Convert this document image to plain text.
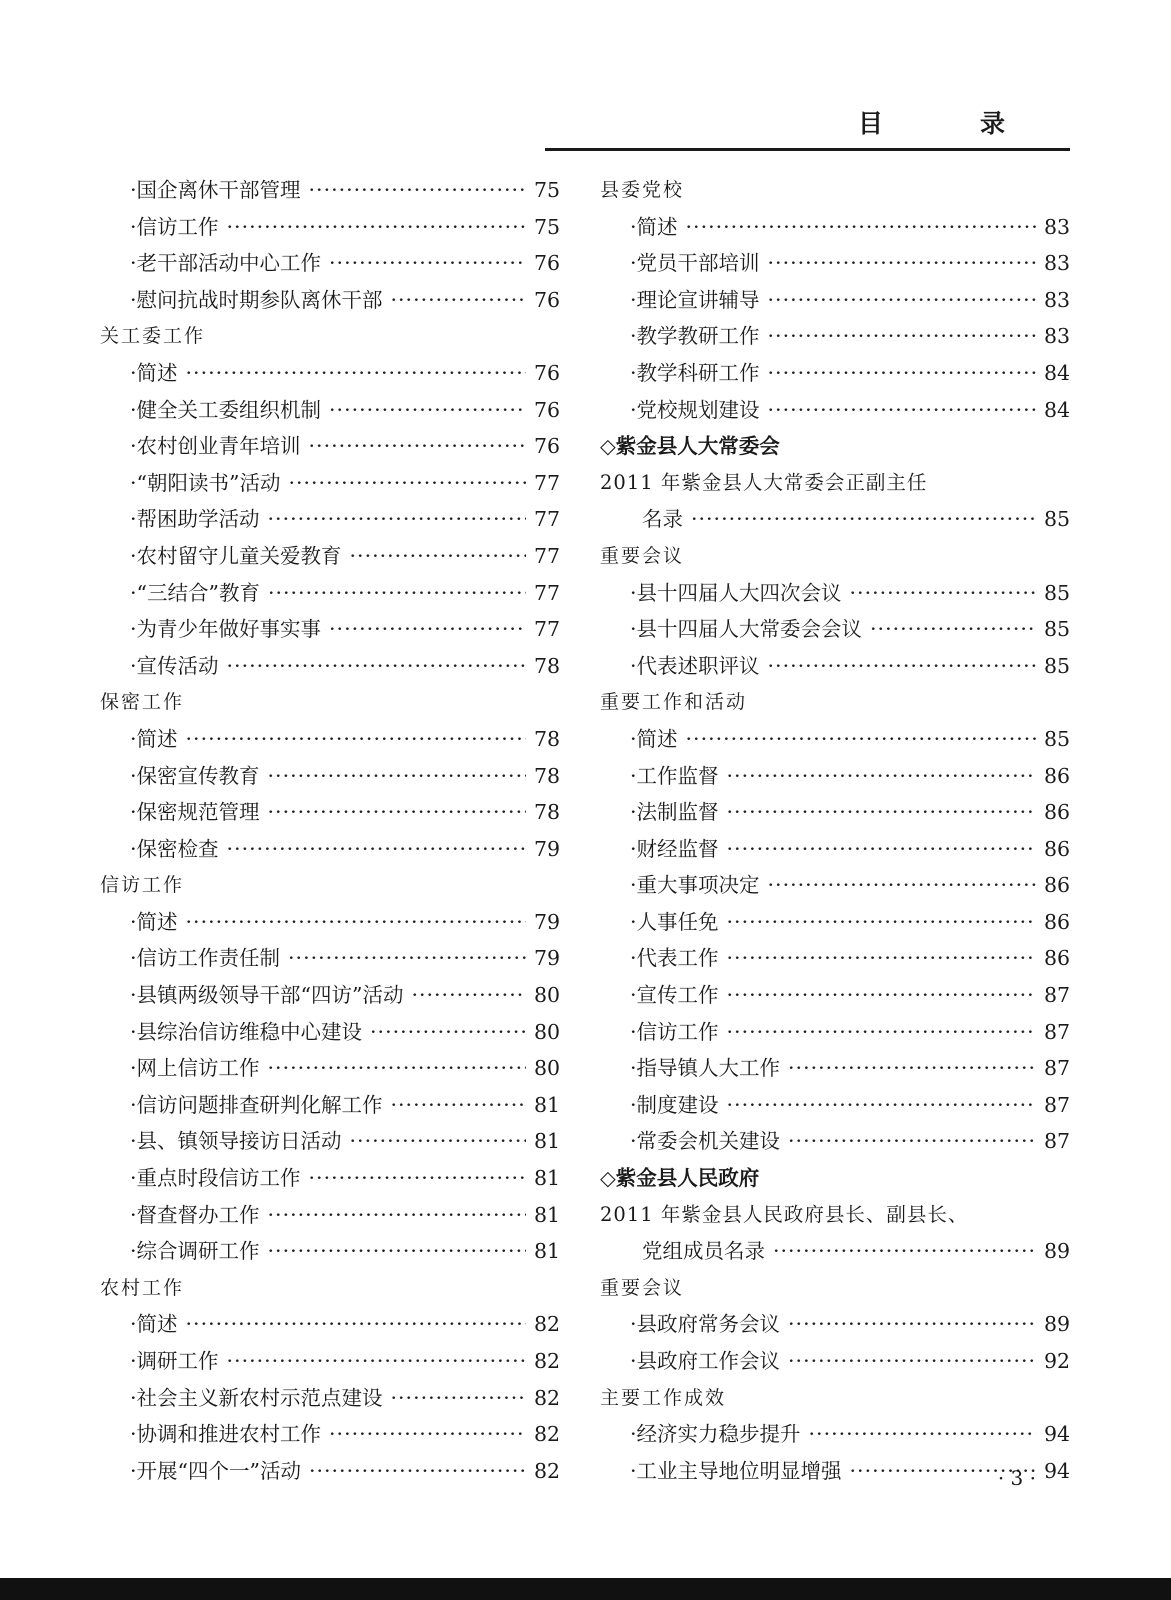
目　录
·国企离休干部管理 ·····	75
·信访工作 ·····	75
·老干部活动中心工作 ·····	76
·慰问抗战时期参队离休干部 ·····	76
关工委工作
·简述 ·····	76
·健全关工委组织机制 ·····	76
·农村创业青年培训 ·····	76
·“朝阳读书”活动 ·····	77
·帮困助学活动 ·····	77
·农村留守儿童关爱教育 ·····	77
·“三结合”教育 ·····	77
·为青少年做好事实事 ·····	77
·宣传活动 ·····	78
保密工作
·简述 ·····	78
·保密宣传教育 ·····	78
·保密规范管理 ·····	78
·保密检查 ·····	79
信访工作
·简述 ·····	79
·信访工作责任制 ·····	79
·县镇两级领导干部“四访”活动 ·····	80
·县综治信访维稳中心建设 ·····	80
·网上信访工作 ·····	80
·信访问题排查研判化解工作 ·····	81
·县、镇领导接访日活动 ·····	81
·重点时段信访工作 ·····	81
·督查督办工作 ·····	81
·综合调研工作 ·····	81
农村工作
·简述 ·····	82
·调研工作 ·····	82
·社会主义新农村示范点建设 ·····	82
·协调和推进农村工作 ·····	82
·开展“四个一”活动 ·····	82
县委党校
·简述 ·····	83
·党员干部培训 ·····	83
·理论宣讲辅导 ·····	83
·教学教研工作 ·····	83
·教学科研工作 ·····	84
·党校规划建设 ·····	84
◇紫金县人大常委会
2011 年紫金县人大常委会正副主任
名录 ·····	85
重要会议
·县十四届人大四次会议 ·····	85
·县十四届人大常委会会议 ·····	85
·代表述职评议 ·····	85
重要工作和活动
·简述 ·····	85
·工作监督 ·····	86
·法制监督 ·····	86
·财经监督 ·····	86
·重大事项决定 ·····	86
·人事任免 ·····	86
·代表工作 ·····	86
·宣传工作 ·····	87
·信访工作 ·····	87
·指导镇人大工作 ·····	87
·制度建设 ·····	87
·常委会机关建设 ·····	87
◇紫金县人民政府
2011 年紫金县人民政府县长、副县长、
党组成员名录 ·····	89
重要会议
·县政府常务会议 ·····	89
·县政府工作会议 ·····	92
主要工作成效
·经济实力稳步提升 ·····	94
·工业主导地位明显增强 ·····	94
· 3 ·
